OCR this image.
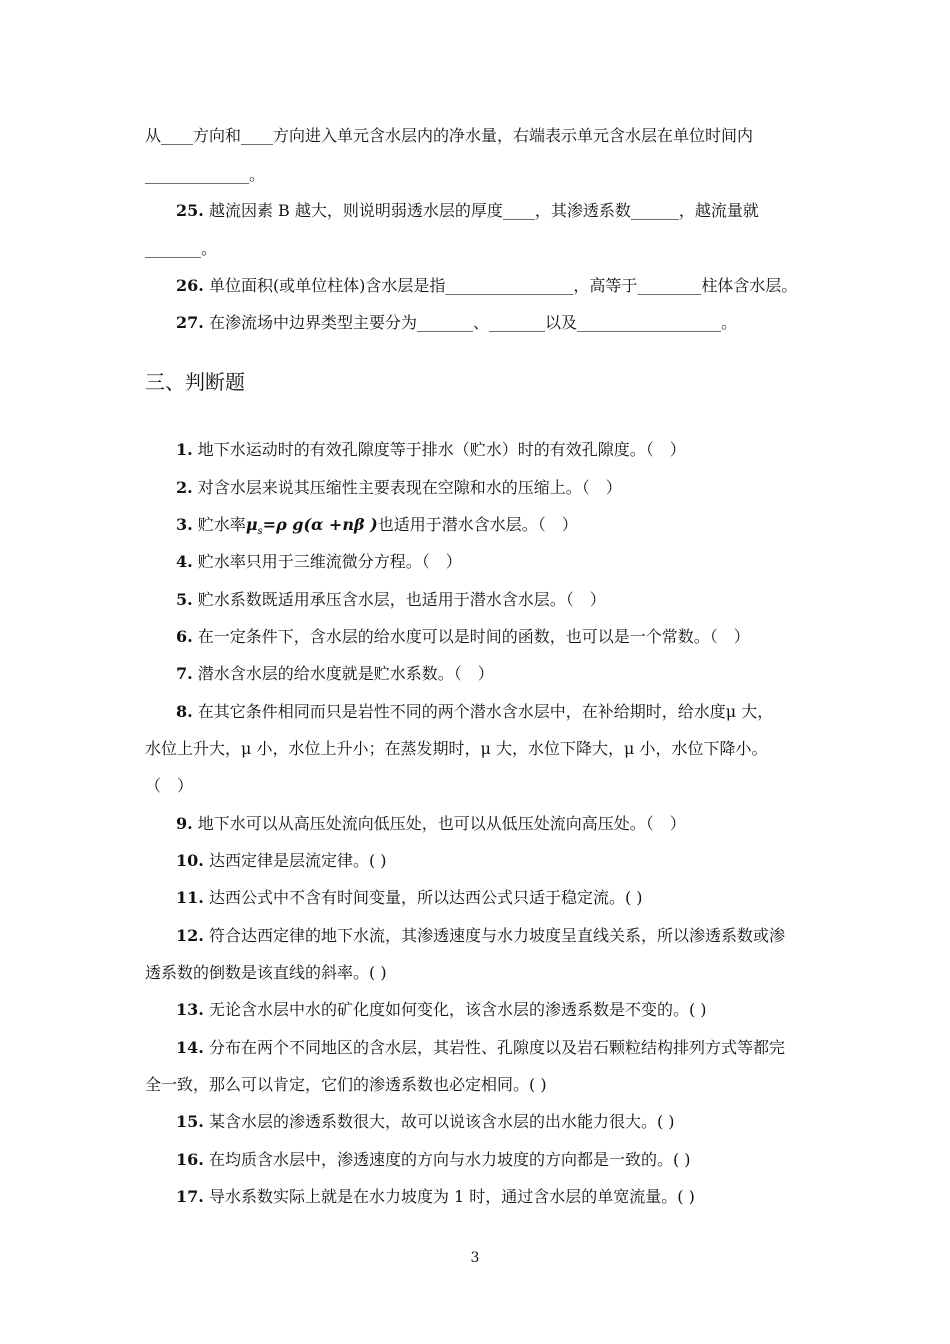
从____方向和____方向进入单元含水层内的净水量，右端表示单元含水层在单位时间内
_____________。
25. 越流因素 B 越大，则说明弱透水层的厚度____，其渗透系数______，越流量就
_______。
26. 单位面积(或单位柱体)含水层是指________________，高等于________柱体含水层。
27. 在渗流场中边界类型主要分为_______、_______以及__________________。
三、判断题
1. 地下水运动时的有效孔隙度等于排水（贮水）时的有效孔隙度。（　）
2. 对含水层来说其压缩性主要表现在空隙和水的压缩上。（　）
3. 贮水率$\mu_s=\rho$ g(α +nβ )也适用于潜水含水层。（　）
4. 贮水率只用于三维流微分方程。（　）
5. 贮水系数既适用承压含水层，也适用于潜水含水层。（　）
6. 在一定条件下，含水层的给水度可以是时间的函数，也可以是一个常数。（　）
7. 潜水含水层的给水度就是贮水系数。（　）
8. 在其它条件相同而只是岩性不同的两个潜水含水层中，在补给期时，给水度μ 大，
水位上升大，μ 小，水位上升小；在蒸发期时，μ 大，水位下降大，μ 小，水位下降小。
（　）
9. 地下水可以从高压处流向低压处，也可以从低压处流向高压处。（　）
10. 达西定律是层流定律。( )
11. 达西公式中不含有时间变量，所以达西公式只适于稳定流。( )
12. 符合达西定律的地下水流，其渗透速度与水力坡度呈直线关系，所以渗透系数或渗
透系数的倒数是该直线的斜率。( )
13. 无论含水层中水的矿化度如何变化，该含水层的渗透系数是不变的。( )
14. 分布在两个不同地区的含水层，其岩性、孔隙度以及岩石颗粒结构排列方式等都完
全一致，那么可以肯定，它们的渗透系数也必定相同。( )
15. 某含水层的渗透系数很大，故可以说该含水层的出水能力很大。( )
16. 在均质含水层中，渗透速度的方向与水力坡度的方向都是一致的。( )
17. 导水系数实际上就是在水力坡度为 1 时，通过含水层的单宽流量。( )
3
